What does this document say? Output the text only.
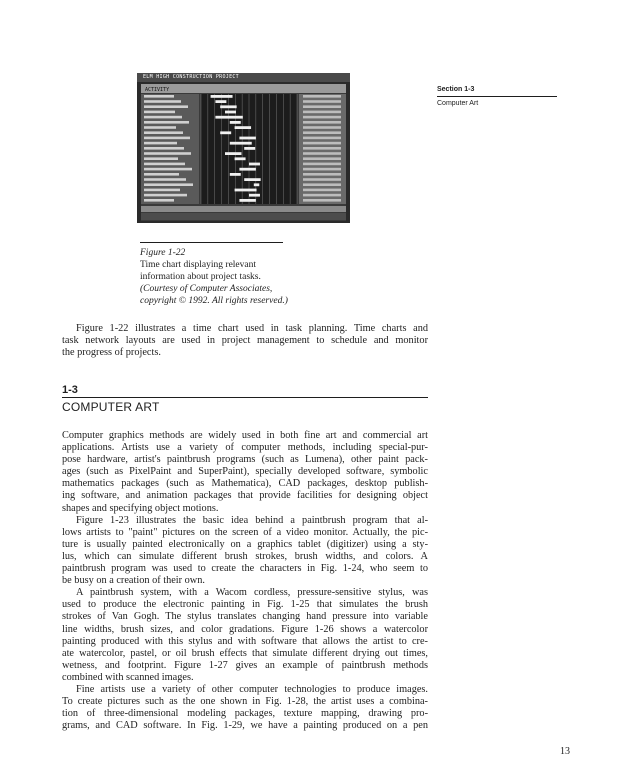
ELM HIGH CONSTRUCTION PROJECT
ACTIVITY	Section 1-3
Computer Art
Figure 1-22
Time chart displaying relevant
information about project tasks.
(Courtesy of Computer Associates,
copyright © 1992. All rights reserved.)
Figure 1-22 illustrates a time chart used in task planning. Time charts and
task network layouts are used in project management to schedule and monitor
the progress of projects.
1-3
COMPUTER ART
Computer graphics methods are widely used in both fine art and commercial art
applications. Artists use a variety of computer methods, including special-pur-
pose hardware, artist's paintbrush programs (such as Lumena), other paint pack-
ages (such as PixelPaint and SuperPaint), specially developed software, symbolic
mathematics packages (such as Mathematica), CAD packages, desktop publish-
ing software, and animation packages that provide facilities for designing object
shapes and specifying object motions.
Figure 1-23 illustrates the basic idea behind a paintbrush program that al-
lows artists to "paint" pictures on the screen of a video monitor. Actually, the pic-
ture is usually painted electronically on a graphics tablet (digitizer) using a sty-
lus, which can simulate different brush strokes, brush widths, and colors. A
paintbrush program was used to create the characters in Fig. 1-24, who seem to
be busy on a creation of their own.
A paintbrush system, with a Wacom cordless, pressure-sensitive stylus, was
used to produce the electronic painting in Fig. 1-25 that simulates the brush
strokes of Van Gogh. The stylus translates changing hand pressure into variable
line widths, brush sizes, and color gradations. Figure 1-26 shows a watercolor
painting produced with this stylus and with software that allows the artist to cre-
ate watercolor, pastel, or oil brush effects that simulate different drying out times,
wetness, and footprint. Figure 1-27 gives an example of paintbrush methods
combined with scanned images.
Fine artists use a variety of other computer technologies to produce images.
To create pictures such as the one shown in Fig. 1-28, the artist uses a combina-
tion of three-dimensional modeling packages, texture mapping, drawing pro-
grams, and CAD software. In Fig. 1-29, we have a painting produced on a pen
13
